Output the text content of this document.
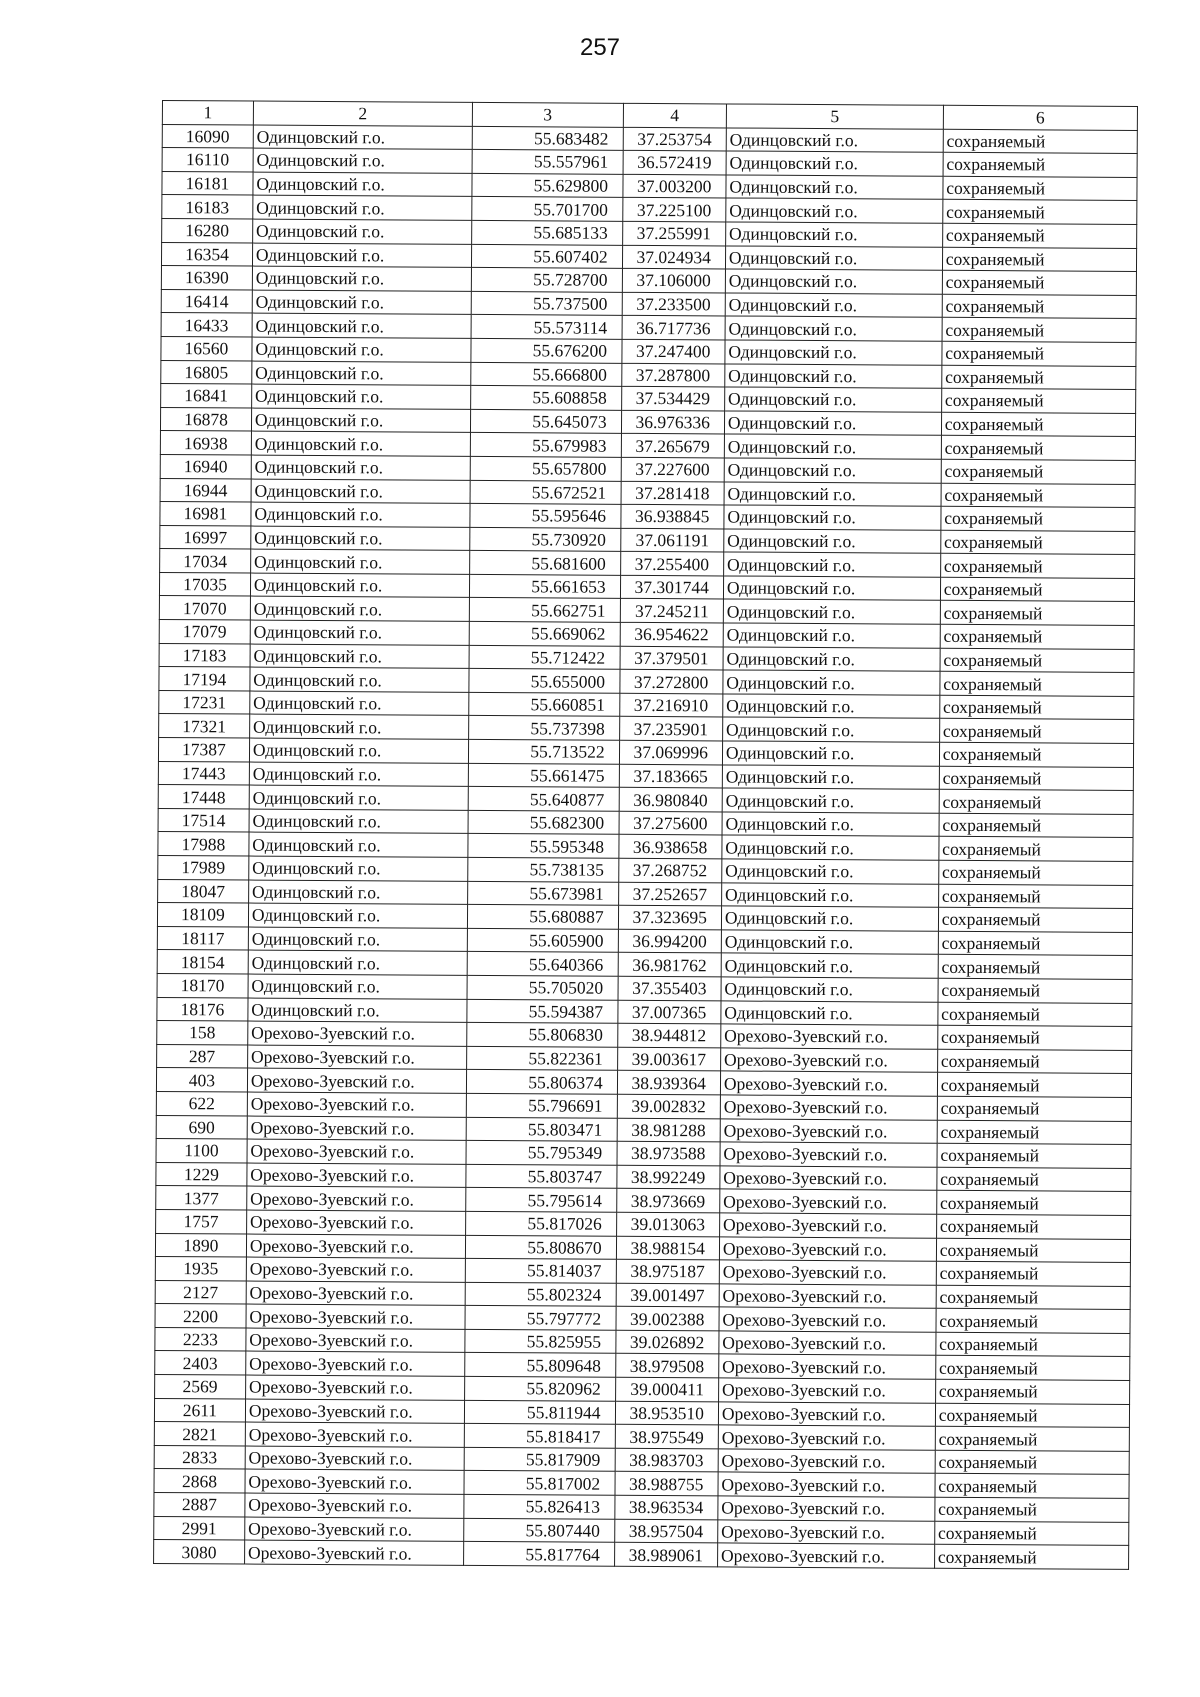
257
1	2	3	4	5	6
16090	Одинцовский г.о.	55.683482	37.253754	Одинцовский г.о.	сохраняемый
16110	Одинцовский г.о.	55.557961	36.572419	Одинцовский г.о.	сохраняемый
16181	Одинцовский г.о.	55.629800	37.003200	Одинцовский г.о.	сохраняемый
16183	Одинцовский г.о.	55.701700	37.225100	Одинцовский г.о.	сохраняемый
16280	Одинцовский г.о.	55.685133	37.255991	Одинцовский г.о.	сохраняемый
16354	Одинцовский г.о.	55.607402	37.024934	Одинцовский г.о.	сохраняемый
16390	Одинцовский г.о.	55.728700	37.106000	Одинцовский г.о.	сохраняемый
16414	Одинцовский г.о.	55.737500	37.233500	Одинцовский г.о.	сохраняемый
16433	Одинцовский г.о.	55.573114	36.717736	Одинцовский г.о.	сохраняемый
16560	Одинцовский г.о.	55.676200	37.247400	Одинцовский г.о.	сохраняемый
16805	Одинцовский г.о.	55.666800	37.287800	Одинцовский г.о.	сохраняемый
16841	Одинцовский г.о.	55.608858	37.534429	Одинцовский г.о.	сохраняемый
16878	Одинцовский г.о.	55.645073	36.976336	Одинцовский г.о.	сохраняемый
16938	Одинцовский г.о.	55.679983	37.265679	Одинцовский г.о.	сохраняемый
16940	Одинцовский г.о.	55.657800	37.227600	Одинцовский г.о.	сохраняемый
16944	Одинцовский г.о.	55.672521	37.281418	Одинцовский г.о.	сохраняемый
16981	Одинцовский г.о.	55.595646	36.938845	Одинцовский г.о.	сохраняемый
16997	Одинцовский г.о.	55.730920	37.061191	Одинцовский г.о.	сохраняемый
17034	Одинцовский г.о.	55.681600	37.255400	Одинцовский г.о.	сохраняемый
17035	Одинцовский г.о.	55.661653	37.301744	Одинцовский г.о.	сохраняемый
17070	Одинцовский г.о.	55.662751	37.245211	Одинцовский г.о.	сохраняемый
17079	Одинцовский г.о.	55.669062	36.954622	Одинцовский г.о.	сохраняемый
17183	Одинцовский г.о.	55.712422	37.379501	Одинцовский г.о.	сохраняемый
17194	Одинцовский г.о.	55.655000	37.272800	Одинцовский г.о.	сохраняемый
17231	Одинцовский г.о.	55.660851	37.216910	Одинцовский г.о.	сохраняемый
17321	Одинцовский г.о.	55.737398	37.235901	Одинцовский г.о.	сохраняемый
17387	Одинцовский г.о.	55.713522	37.069996	Одинцовский г.о.	сохраняемый
17443	Одинцовский г.о.	55.661475	37.183665	Одинцовский г.о.	сохраняемый
17448	Одинцовский г.о.	55.640877	36.980840	Одинцовский г.о.	сохраняемый
17514	Одинцовский г.о.	55.682300	37.275600	Одинцовский г.о.	сохраняемый
17988	Одинцовский г.о.	55.595348	36.938658	Одинцовский г.о.	сохраняемый
17989	Одинцовский г.о.	55.738135	37.268752	Одинцовский г.о.	сохраняемый
18047	Одинцовский г.о.	55.673981	37.252657	Одинцовский г.о.	сохраняемый
18109	Одинцовский г.о.	55.680887	37.323695	Одинцовский г.о.	сохраняемый
18117	Одинцовский г.о.	55.605900	36.994200	Одинцовский г.о.	сохраняемый
18154	Одинцовский г.о.	55.640366	36.981762	Одинцовский г.о.	сохраняемый
18170	Одинцовский г.о.	55.705020	37.355403	Одинцовский г.о.	сохраняемый
18176	Одинцовский г.о.	55.594387	37.007365	Одинцовский г.о.	сохраняемый
158	Орехово-Зуевский г.о.	55.806830	38.944812	Орехово-Зуевский г.о.	сохраняемый
287	Орехово-Зуевский г.о.	55.822361	39.003617	Орехово-Зуевский г.о.	сохраняемый
403	Орехово-Зуевский г.о.	55.806374	38.939364	Орехово-Зуевский г.о.	сохраняемый
622	Орехово-Зуевский г.о.	55.796691	39.002832	Орехово-Зуевский г.о.	сохраняемый
690	Орехово-Зуевский г.о.	55.803471	38.981288	Орехово-Зуевский г.о.	сохраняемый
1100	Орехово-Зуевский г.о.	55.795349	38.973588	Орехово-Зуевский г.о.	сохраняемый
1229	Орехово-Зуевский г.о.	55.803747	38.992249	Орехово-Зуевский г.о.	сохраняемый
1377	Орехово-Зуевский г.о.	55.795614	38.973669	Орехово-Зуевский г.о.	сохраняемый
1757	Орехово-Зуевский г.о.	55.817026	39.013063	Орехово-Зуевский г.о.	сохраняемый
1890	Орехово-Зуевский г.о.	55.808670	38.988154	Орехово-Зуевский г.о.	сохраняемый
1935	Орехово-Зуевский г.о.	55.814037	38.975187	Орехово-Зуевский г.о.	сохраняемый
2127	Орехово-Зуевский г.о.	55.802324	39.001497	Орехово-Зуевский г.о.	сохраняемый
2200	Орехово-Зуевский г.о.	55.797772	39.002388	Орехово-Зуевский г.о.	сохраняемый
2233	Орехово-Зуевский г.о.	55.825955	39.026892	Орехово-Зуевский г.о.	сохраняемый
2403	Орехово-Зуевский г.о.	55.809648	38.979508	Орехово-Зуевский г.о.	сохраняемый
2569	Орехово-Зуевский г.о.	55.820962	39.000411	Орехово-Зуевский г.о.	сохраняемый
2611	Орехово-Зуевский г.о.	55.811944	38.953510	Орехово-Зуевский г.о.	сохраняемый
2821	Орехово-Зуевский г.о.	55.818417	38.975549	Орехово-Зуевский г.о.	сохраняемый
2833	Орехово-Зуевский г.о.	55.817909	38.983703	Орехово-Зуевский г.о.	сохраняемый
2868	Орехово-Зуевский г.о.	55.817002	38.988755	Орехово-Зуевский г.о.	сохраняемый
2887	Орехово-Зуевский г.о.	55.826413	38.963534	Орехово-Зуевский г.о.	сохраняемый
2991	Орехово-Зуевский г.о.	55.807440	38.957504	Орехово-Зуевский г.о.	сохраняемый
3080	Орехово-Зуевский г.о.	55.817764	38.989061	Орехово-Зуевский г.о.	сохраняемый
